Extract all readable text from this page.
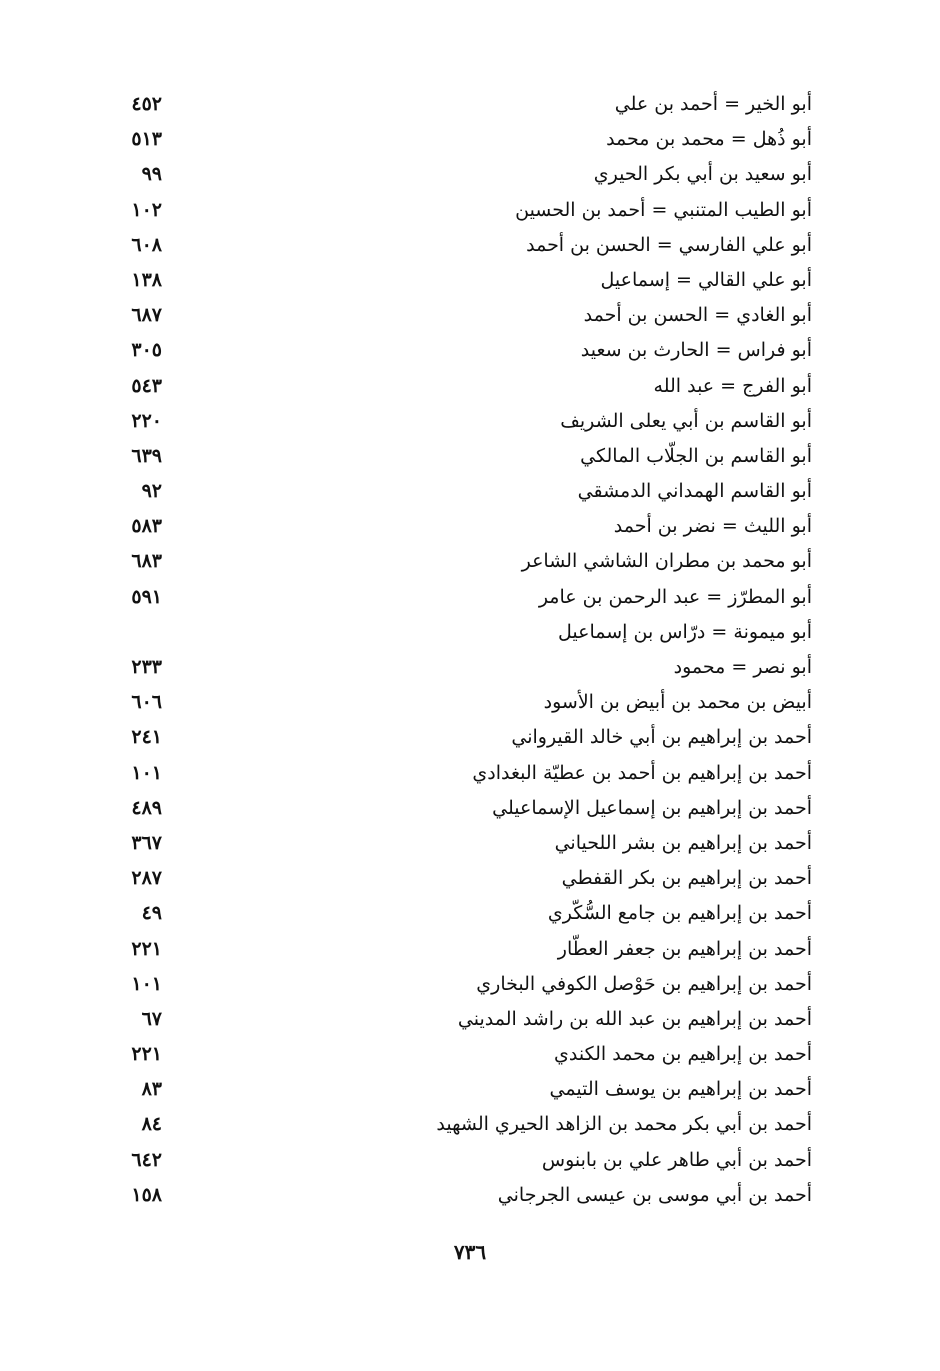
أبو الخير = أحمد بن علي
٤٥٢
أبو ذُهل = محمد بن محمد
٥١٣
أبو سعيد بن أبي بكر الحيري
٩٩
أبو الطيب المتنبي = أحمد بن الحسين
١٠٢
أبو علي الفارسي = الحسن بن أحمد
٦٠٨
أبو علي القالي = إسماعيل
١٣٨
أبو الغادي = الحسن بن أحمد
٦٨٧
أبو فراس = الحارث بن سعيد
٣٠٥
أبو الفرج = عبد الله
٥٤٣
أبو القاسم بن أبي يعلى الشريف
٢٢٠
أبو القاسم بن الجلّاب المالكي
٦٣٩
أبو القاسم الهمداني الدمشقي
٩٢
أبو الليث = نضر بن أحمد
٥٨٣
أبو محمد بن مطران الشاشي الشاعر
٦٨٣
أبو المطرّز = عبد الرحمن بن عامر
٥٩١
أبو ميمونة = درّاس بن إسماعيل
أبو نصر = محمود
٢٣٣
أبيض بن محمد بن أبيض بن الأسود
٦٠٦
أحمد بن إبراهيم بن أبي خالد القيرواني
٢٤١
أحمد بن إبراهيم بن أحمد بن عطيّة البغدادي
١٠١
أحمد بن إبراهيم بن إسماعيل الإسماعيلي
٤٨٩
أحمد بن إبراهيم بن بشر اللحياني
٣٦٧
أحمد بن إبراهيم بن بكر القفطي
٢٨٧
أحمد بن إبراهيم بن جامع السُّكّري
٤٩
أحمد بن إبراهيم بن جعفر العطّار
٢٢١
أحمد بن إبراهيم بن حَوْصل الكوفي البخاري
١٠١
أحمد بن إبراهيم بن عبد الله بن راشد المديني
٦٧
أحمد بن إبراهيم بن محمد الكندي
٢٢١
أحمد بن إبراهيم بن يوسف التيمي
٨٣
أحمد بن أبي بكر محمد بن الزاهد الحيري الشهيد
٨٤
أحمد بن أبي طاهر علي بن بابنوس
٦٤٢
أحمد بن أبي موسى بن عيسى الجرجاني
١٥٨
٧٣٦
